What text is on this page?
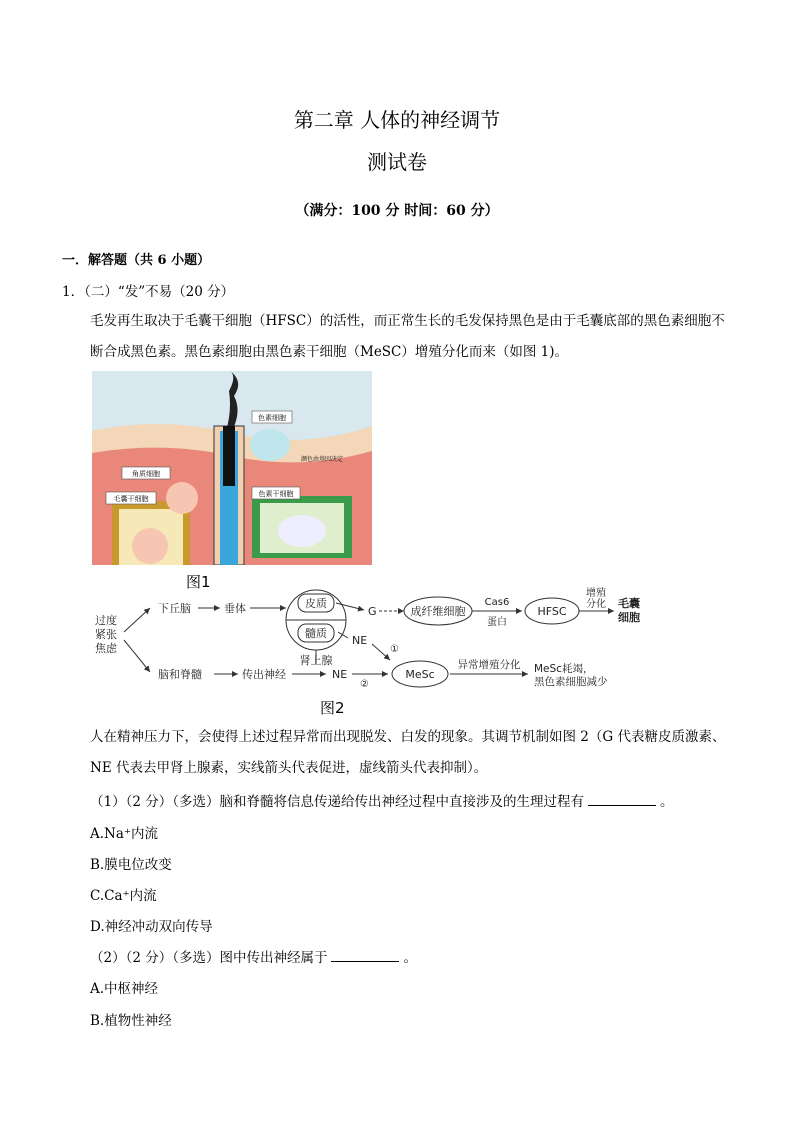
第二章 人体的神经调节
测试卷
（满分：100 分 时间：60 分）
一．解答题（共 6 小题）
1．（二）“发”不易（20 分）
毛发再生取决于毛囊干细胞（HFSC）的活性，而正常生长的毛发保持黑色是由于毛囊底部的黑色素细胞不断合成黑色素。黑色素细胞由黑色素干细胞（MeSC）增殖分化而来（如图 1)。
角质细胞
色素细胞
颜色由基因决定
毛囊干细胞
色素干细胞
图1
过度
紧张
焦虑
下丘脑	垂体	皮质
髓质
肾上腺
G	成纤维细胞
Cas6
蛋白
HFSC
增殖
分化 毛囊
细胞
脑和脊髓	传出神经	NE
NE
①
②
MeSc
异常增殖分化 MeSc耗竭，
黑色素细胞减少
图2
人在精神压力下，会使得上述过程异常而出现脱发、白发的现象。其调节机制如图 2（G 代表糖皮质激素、NE 代表去甲肾上腺素，实线箭头代表促进，虚线箭头代表抑制）。
（1）（2 分）（多选）脑和脊髓将信息传递给传出神经过程中直接涉及的生理过程有	。
A.Na⁺内流
B.膜电位改变
C.Ca⁺内流
D.神经冲动双向传导
（2）（2 分）（多选）图中传出神经属于	。
A.中枢神经
B.植物性神经
